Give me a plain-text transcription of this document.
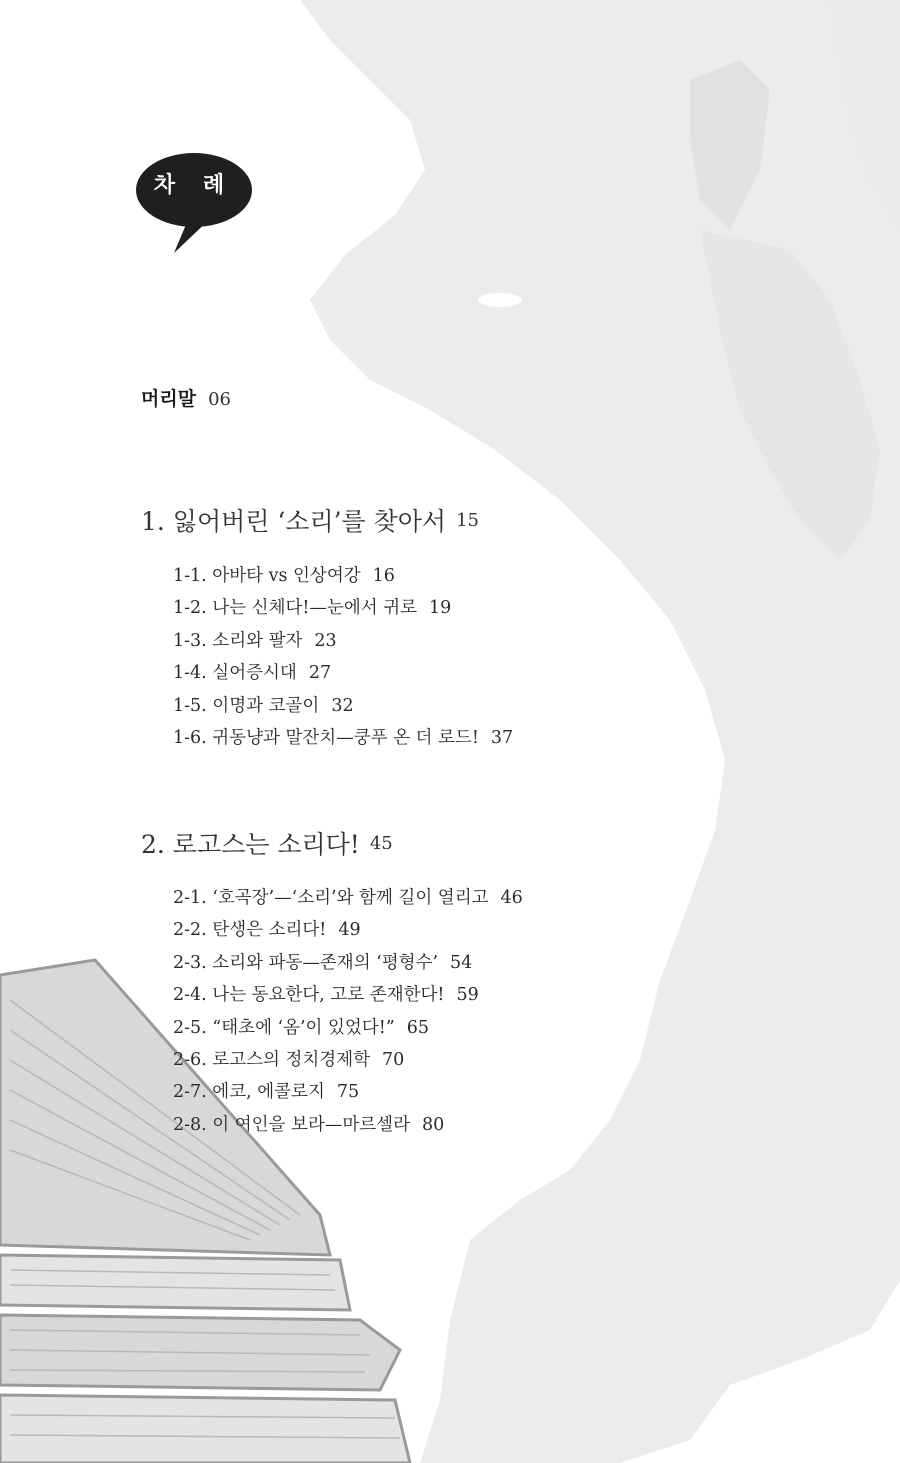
차 례
머리말 06
1. 잃어버린 ‘소리’를 찾아서 15
1-1. 아바타 vs 인상여강 16
1-2. 나는 신체다!—눈에서 귀로 19
1-3. 소리와 팔자 23
1-4. 실어증시대 27
1-5. 이명과 코골이 32
1-6. 귀동냥과 말잔치—쿵푸 온 더 로드! 37
2. 로고스는 소리다! 45
2-1. ‘호곡장’—‘소리’와 함께 길이 열리고 46
2-2. 탄생은 소리다! 49
2-3. 소리와 파동—존재의 ‘평형수’ 54
2-4. 나는 동요한다, 고로 존재한다! 59
2-5. “태초에 ‘옴’이 있었다!” 65
2-6. 로고스의 정치경제학 70
2-7. 에코, 에콜로지 75
2-8. 이 여인을 보라—마르셀라 80
